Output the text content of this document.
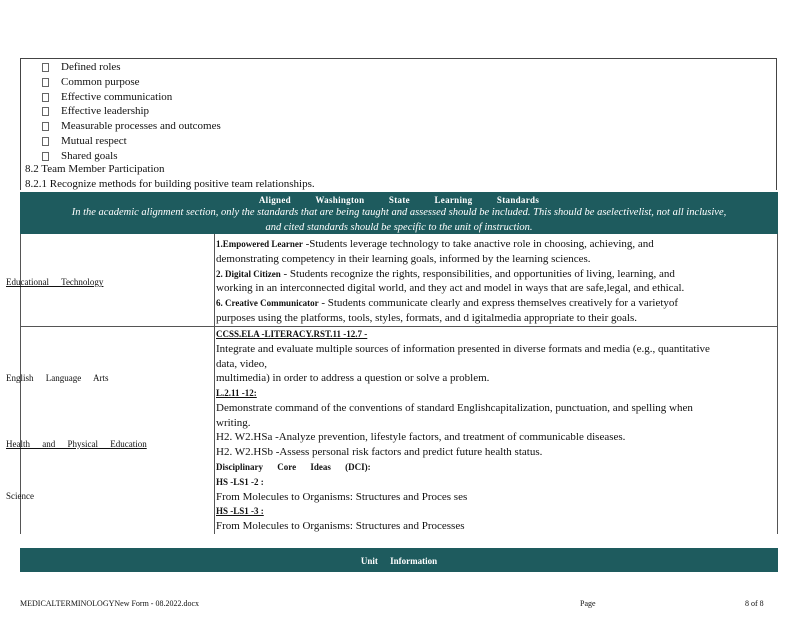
Defined roles
Common purpose
Effective communication
Effective leadership
Measurable processes and outcomes
Mutual respect
Shared goals
8.2 Team Member Participation
8.2.1 Recognize methods for building positive team relationships.
Aligned Washington State Learning Standards
In the academic alignment section, only the standards that are being taught and assessed should be included. This should be aselectivelist, not all inclusive,
and cited standards should be specific to the unit of instruction.
Educational Technology
1.Empowered Learner -Students leverage technology to take anactive role in choosing, achieving, and
demonstrating competency in their learning goals, informed by the learning sciences.
2. Digital Citizen - Students recognize the rights, responsibilities, and opportunities of living, learning, and
working in an interconnected digital world, and they act and model in ways that are safe,legal, and ethical.
6. Creative Communicator - Students communicate clearly and express themselves creatively for a varietyof
purposes using the platforms, tools, styles, formats, and d igitalmedia appropriate to their goals.
English Language Arts
CCSS.ELA -LITERACY.RST.11 -12.7 -
Integrate and evaluate multiple sources of information presented in diverse formats and media (e.g., quantitative
data, video,
multimedia) in order to address a question or solve a problem.
L.2.11 -12:
Demonstrate command of the conventions of standard Englishcapitalization, punctuation, and spelling when
writing.
Health and Physical Education
H2. W2.HSa -Analyze prevention, lifestyle factors, and treatment of communicable diseases.
H2. W2.HSb -Assess personal risk factors and predict future health status.
Science
Disciplinary Core Ideas (DCI):
HS -LS1 -2 :
From Molecules to Organisms: Structures and Proces ses
HS -LS1 -3 :
From Molecules to Organisms: Structures and Processes
Unit Information
MEDICALTERMINOLOGYNew Form - 08.2022.docx	Page	8 of 8
